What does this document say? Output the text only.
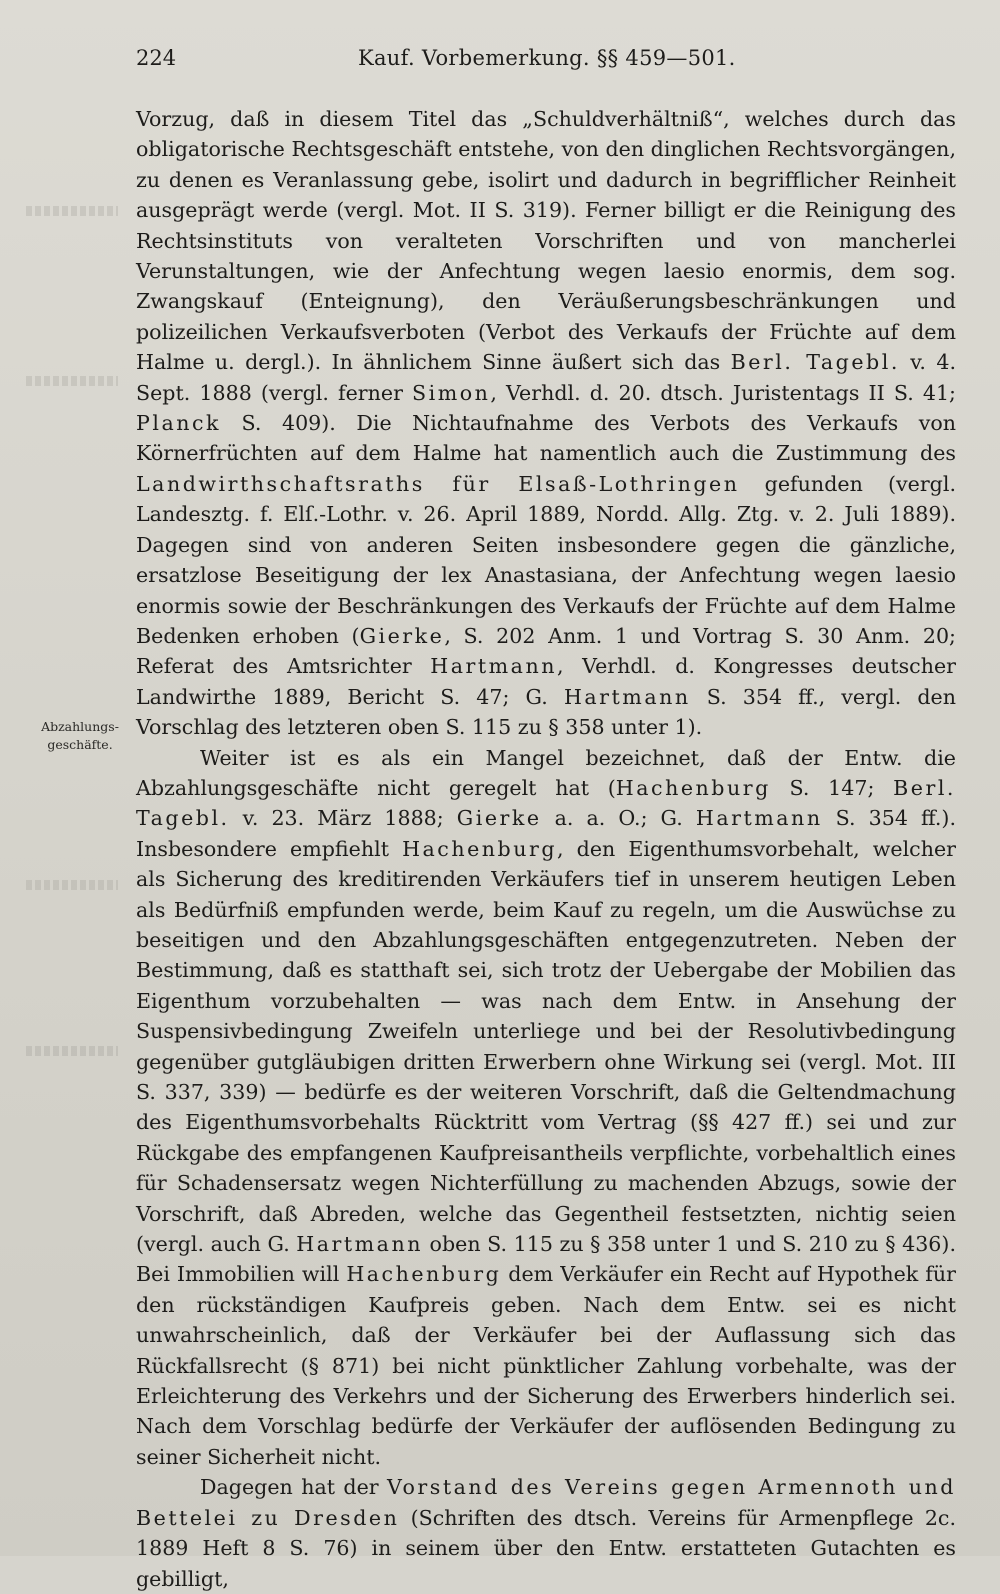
224	Kauf. Vorbemerkung. §§ 459—501.
Abzahlungs-
geschäfte.

Vorzug, daß in diesem Titel das „Schuldverhältniß“, welches durch das obligatorische Rechtsgeschäft entstehe, von den dinglichen Rechtsvorgängen, zu denen es Veranlassung gebe, isolirt und dadurch in begrifflicher Reinheit ausgeprägt werde (vergl. Mot. II S. 319). Ferner billigt er die Reinigung des Rechtsinstituts von veralteten Vorschriften und von mancherlei Verunstaltungen, wie der Anfechtung wegen laesio enormis, dem sog. Zwangskauf (Enteignung), den Veräußerungsbeschränkungen und polizeilichen Verkaufsverboten (Verbot des Verkaufs der Früchte auf dem Halme u. dergl.). In ähnlichem Sinne äußert sich das Berl. Tagebl. v. 4. Sept. 1888 (vergl. ferner Simon, Verhdl. d. 20. dtsch. Juristentags II S. 41; Planck S. 409). Die Nichtaufnahme des Verbots des Verkaufs von Körnerfrüchten auf dem Halme hat namentlich auch die Zustimmung des Landwirthschaftsraths für Elsaß-Lothringen gefunden (vergl. Landesztg. f. Elſ.-Lothr. v. 26. April 1889, Nordd. Allg. Ztg. v. 2. Juli 1889). Dagegen sind von anderen Seiten insbesondere gegen die gänzliche, ersatzlose Beseitigung der lex Anastasiana, der Anfechtung wegen laesio enormis sowie der Beschränkungen des Verkaufs der Früchte auf dem Halme Bedenken erhoben (Gierke, S. 202 Anm. 1 und Vortrag S. 30 Anm. 20; Referat des Amtsrichter Hartmann, Verhdl. d. Kongresses deutscher Landwirthe 1889, Bericht S. 47; G. Hartmann S. 354 ff., vergl. den Vorschlag des letzteren oben S. 115 zu § 358 unter 1).

Weiter ist es als ein Mangel bezeichnet, daß der Entw. die Abzahlungsgeschäfte nicht geregelt hat (Hachenburg S. 147; Berl. Tagebl. v. 23. März 1888; Gierke a. a. O.; G. Hartmann S. 354 ff.). Insbesondere empfiehlt Hachenburg, den Eigenthumsvorbehalt, welcher als Sicherung des kreditirenden Verkäufers tief in unserem heutigen Leben als Bedürfniß empfunden werde, beim Kauf zu regeln, um die Auswüchse zu beseitigen und den Abzahlungsgeschäften entgegenzutreten. Neben der Bestimmung, daß es statthaft sei, sich trotz der Uebergabe der Mobilien das Eigenthum vorzubehalten — was nach dem Entw. in Ansehung der Suspensivbedingung Zweifeln unterliege und bei der Resolutivbedingung gegenüber gutgläubigen dritten Erwerbern ohne Wirkung sei (vergl. Mot. III S. 337, 339) — bedürfe es der weiteren Vorschrift, daß die Geltendmachung des Eigenthumsvorbehalts Rücktritt vom Vertrag (§§ 427 ff.) sei und zur Rückgabe des empfangenen Kaufpreisantheils verpflichte, vorbehaltlich eines für Schadensersatz wegen Nichterfüllung zu machenden Abzugs, sowie der Vorschrift, daß Abreden, welche das Gegentheil festsetzten, nichtig seien (vergl. auch G. Hartmann oben S. 115 zu § 358 unter 1 und S. 210 zu § 436). Bei Immobilien will Hachenburg dem Verkäufer ein Recht auf Hypothek für den rückständigen Kaufpreis geben. Nach dem Entw. sei es nicht unwahrscheinlich, daß der Verkäufer bei der Auflassung sich das Rückfallsrecht (§ 871) bei nicht pünktlicher Zahlung vorbehalte, was der Erleichterung des Verkehrs und der Sicherung des Erwerbers hinderlich sei. Nach dem Vorschlag bedürfe der Verkäufer der auflösenden Bedingung zu seiner Sicherheit nicht.

Dagegen hat der Vorstand des Vereins gegen Armennoth und Bettelei zu Dresden (Schriften des dtsch. Vereins für Armenpflege 2c. 1889 Heft 8 S. 76) in seinem über den Entw. erstatteten Gutachten es gebilligt,
